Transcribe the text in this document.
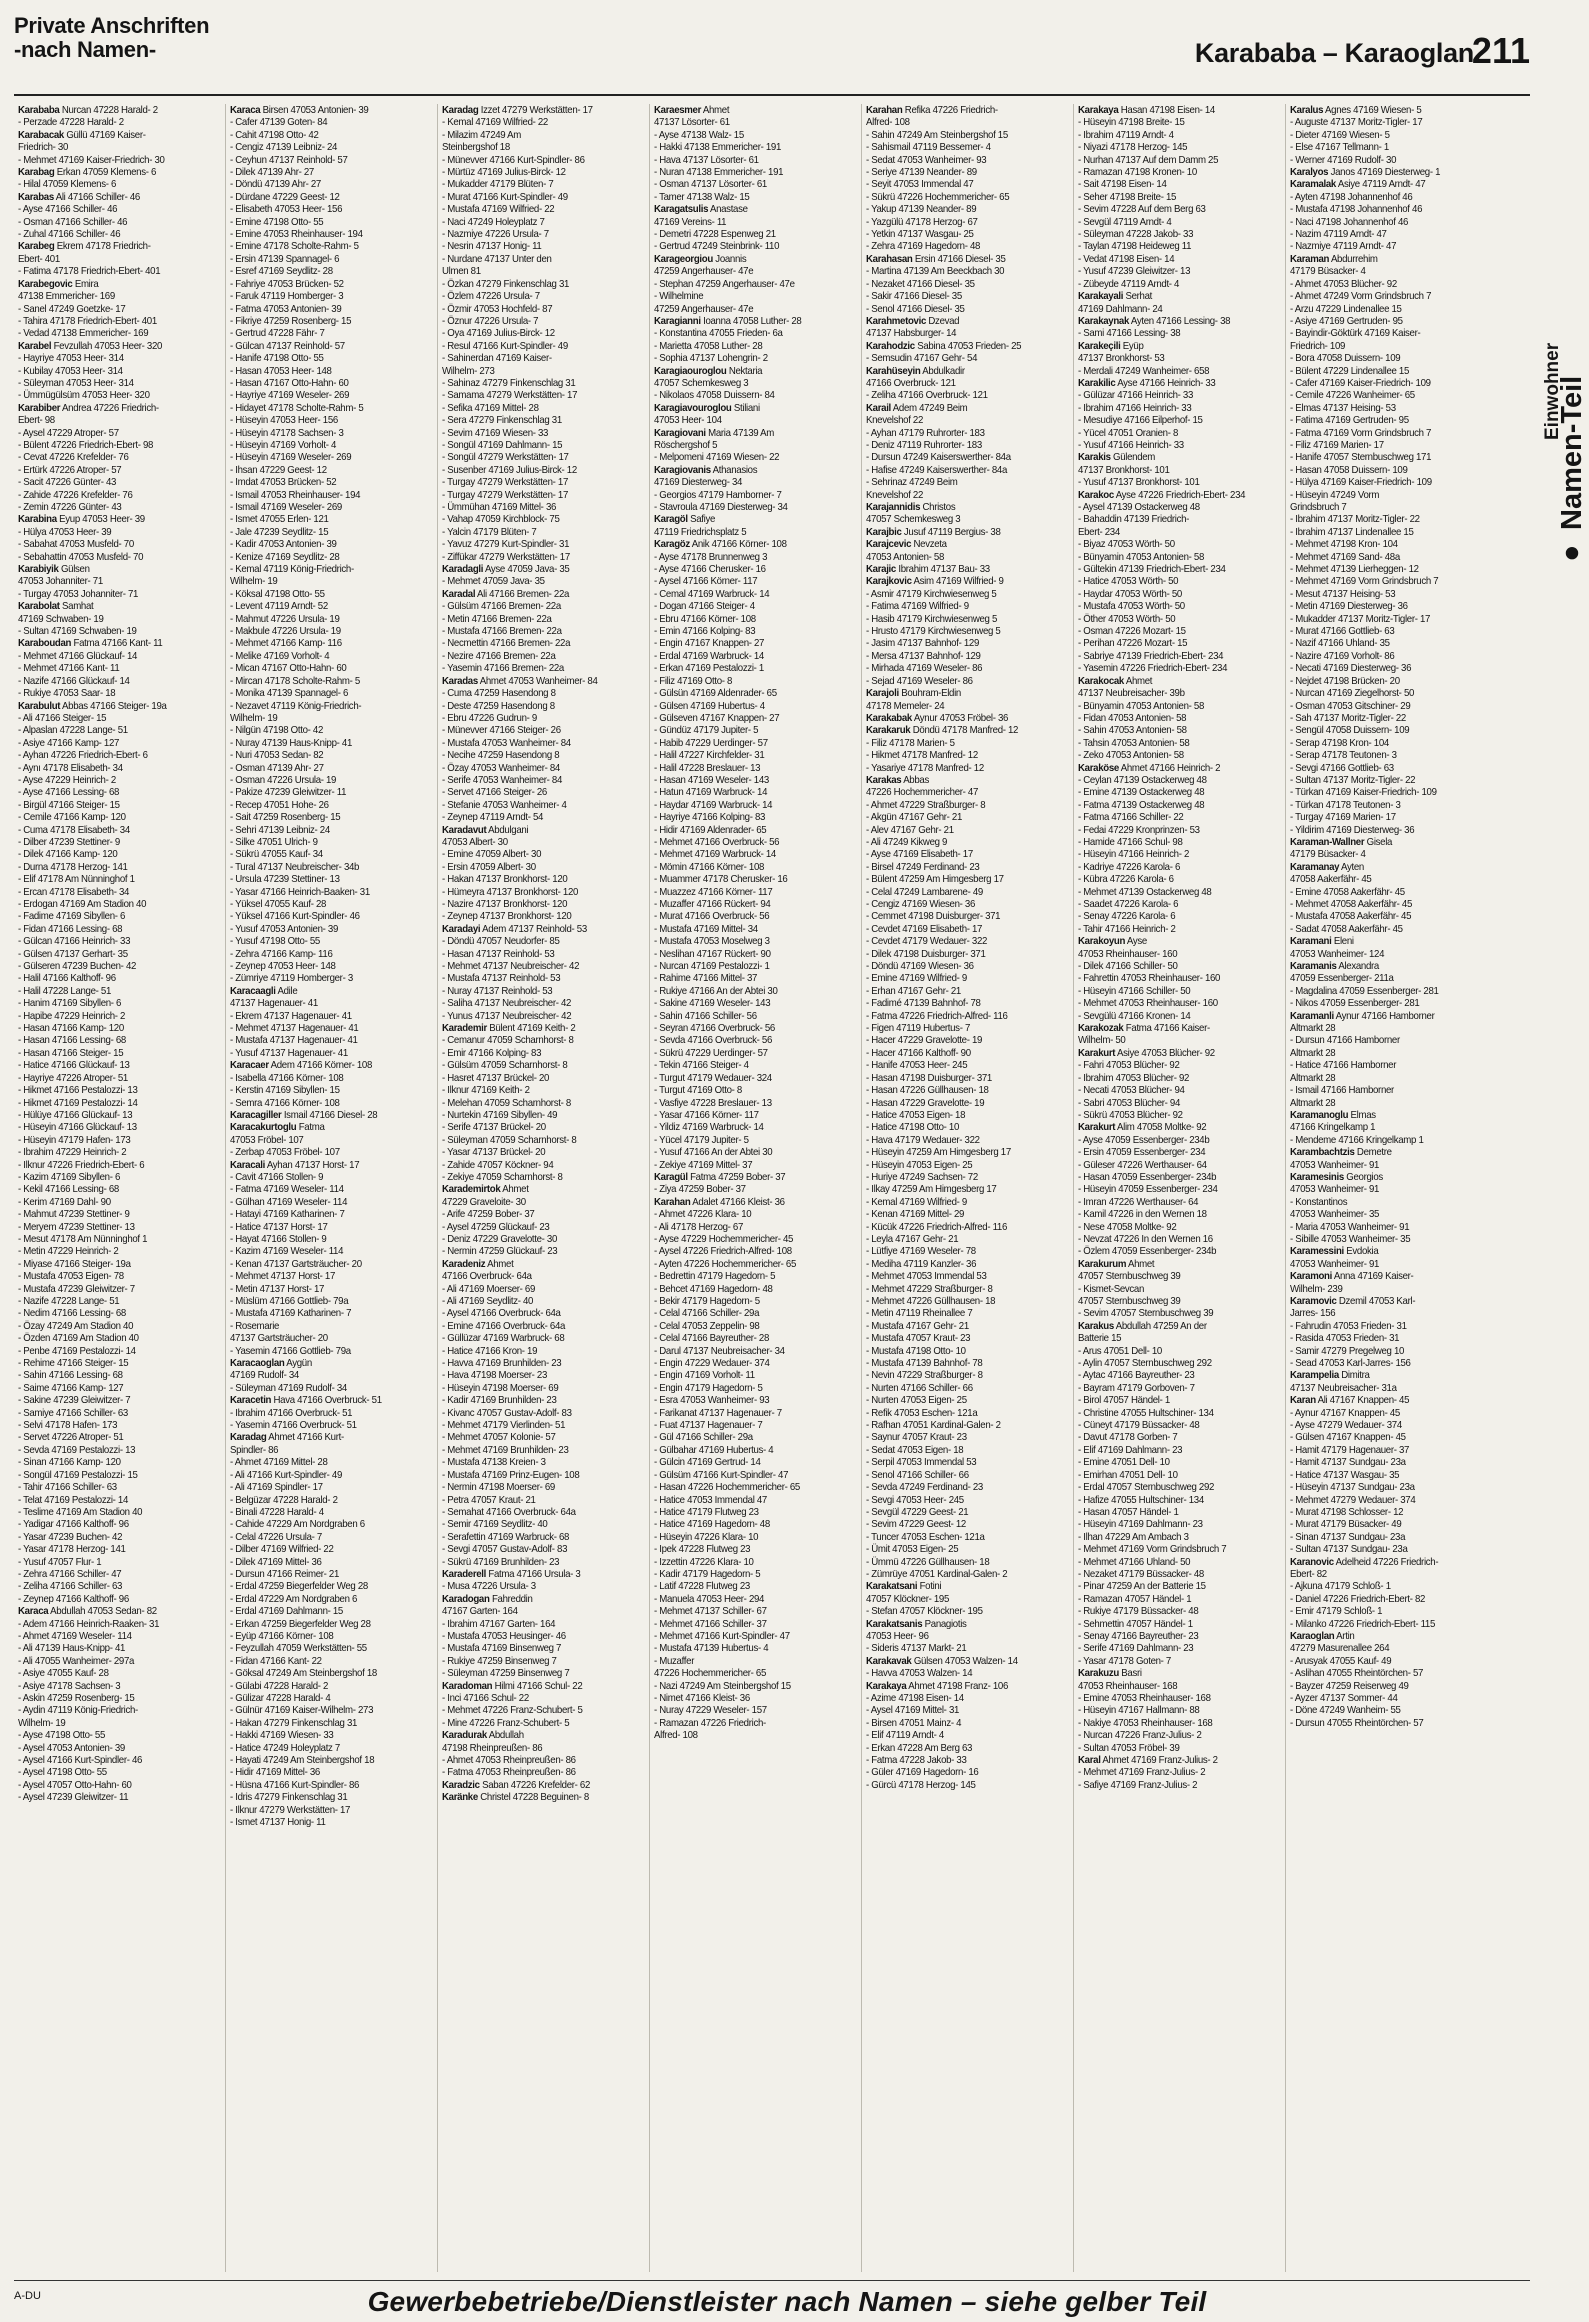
Private Anschriften
-nach Namen-	Karababa – Karaoglan
211
Einwohner
● Namen-Teil
Karababa Nurcan 47228 Harald- 2
- Perzade 47228 Harald- 2
Karabacak Güllü 47169 Kaiser-
Friedrich- 30
- Mehmet 47169 Kaiser-Friedrich- 30
Karabag Erkan 47059 Klemens- 6
- Hilal 47059 Klemens- 6
Karabas Ali 47166 Schiller- 46
- Ayse 47166 Schiller- 46
- Osman 47166 Schiller- 46
- Zuhal 47166 Schiller- 46
Karabeg Ekrem 47178 Friedrich-
Ebert- 401
- Fatima 47178 Friedrich-Ebert- 401
Karabegovic Emira
47138 Emmericher- 169
- Sanel 47249 Goetzke- 17
- Tahira 47178 Friedrich-Ebert- 401
- Vedad 47138 Emmericher- 169
Karabel Fevzullah 47053 Heer- 320
- Hayriye 47053 Heer- 314
- Kubilay 47053 Heer- 314
- Süleyman 47053 Heer- 314
- Ümmügülsüm 47053 Heer- 320
Karabiber Andrea 47226 Friedrich-
Ebert- 98
- Aysel 47229 Atroper- 57
- Bülent 47226 Friedrich-Ebert- 98
- Cevat 47226 Krefelder- 76
- Ertürk 47226 Atroper- 57
- Sacit 47226 Günter- 43
- Zahide 47226 Krefelder- 76
- Zemin 47226 Günter- 43
Karabina Eyup 47053 Heer- 39
- Hülya 47053 Heer- 39
- Sabahat 47053 Musfeld- 70
- Sebahattin 47053 Musfeld- 70
Karabiyik Gülsen
47053 Johanniter- 71
- Turgay 47053 Johanniter- 71
Karabolat Samhat
47169 Schwaben- 19
- Sultan 47169 Schwaben- 19
Karaboudan Fatma 47166 Kant- 11
- Mehmet 47166 Glückauf- 14
- Mehmet 47166 Kant- 11
- Nazife 47166 Glückauf- 14
- Rukiye 47053 Saar- 18
Karabulut Abbas 47166 Steiger- 19a
- Ali 47166 Steiger- 15
- Alpaslan 47228 Lange- 51
- Asiye 47166 Kamp- 127
- Ayhan 47226 Friedrich-Ebert- 6
- Aynı 47178 Elisabeth- 34
- Ayse 47229 Heinrich- 2
- Ayse 47166 Lessing- 68
- Birgül 47166 Steiger- 15
- Cemile 47166 Kamp- 120
- Cuma 47178 Elisabeth- 34
- Dilber 47239 Stettiner- 9
- Dilek 47166 Kamp- 120
- Durna 47178 Herzog- 141
- Elif 47178 Am Nünninghof 1
- Ercan 47178 Elisabeth- 34
- Erdogan 47169 Am Stadion 40
- Fadime 47169 Sibyllen- 6
- Fidan 47166 Lessing- 68
- Gülcan 47166 Heinrich- 33
- Gülsen 47137 Gerhart- 35
- Gülseren 47239 Buchen- 42
- Halil 47166 Kalthoff- 96
- Halil 47228 Lange- 51
- Hanim 47169 Sibyllen- 6
- Hapibe 47229 Heinrich- 2
- Hasan 47166 Kamp- 120
- Hasan 47166 Lessing- 68
- Hasan 47166 Steiger- 15
- Hatice 47166 Glückauf- 13
- Hayriye 47226 Atroper- 51
- Hikmet 47166 Pestalozzi- 13
- Hikmet 47169 Pestalozzi- 14
- Hülüye 47166 Glückauf- 13
- Hüseyin 47166 Glückauf- 13
- Hüseyin 47179 Hafen- 173
- Ibrahim 47229 Heinrich- 2
- Ilknur 47226 Friedrich-Ebert- 6
- Kazim 47169 Sibyllen- 6
- Kekil 47166 Lessing- 68
- Kerim 47169 Dahl- 90
- Mahmut 47239 Stettiner- 9
- Meryem 47239 Stettiner- 13
- Mesut 47178 Am Nünninghof 1
- Metin 47229 Heinrich- 2
- Miyase 47166 Steiger- 19a
- Mustafa 47053 Eigen- 78
- Mustafa 47239 Gleiwitzer- 7
- Nazife 47228 Lange- 51
- Nedim 47166 Lessing- 68
- Özay 47249 Am Stadion 40
- Özden 47169 Am Stadion 40
- Penbe 47169 Pestalozzi- 14
- Rehime 47166 Steiger- 15
- Sahin 47166 Lessing- 68
- Saime 47166 Kamp- 127
- Sakine 47239 Gleiwitzer- 7
- Samiye 47166 Schiller- 63
- Selvi 47178 Hafen- 173
- Servet 47226 Atroper- 51
- Sevda 47169 Pestalozzi- 13
- Sinan 47166 Kamp- 120
- Songül 47169 Pestalozzi- 15
- Tahir 47166 Schiller- 63
- Telat 47169 Pestalozzi- 14
- Teslime 47169 Am Stadion 40
- Yadigar 47166 Kalthoff- 96
- Yasar 47239 Buchen- 42
- Yasar 47178 Herzog- 141
- Yusuf 47057 Flur- 1
- Zehra 47166 Schiller- 47
- Zeliha 47166 Schiller- 63
- Zeynep 47166 Kalthoff- 96
Karaca Abdullah 47053 Sedan- 82
- Adem 47166 Heinrich-Raaken- 31
- Ahmet 47169 Weseler- 114
- Ali 47139 Haus-Knipp- 41
- Ali 47055 Wanheimer- 297a
- Asiye 47055 Kauf- 28
- Asiye 47178 Sachsen- 3
- Askin 47259 Rosenberg- 15
- Aydin 47119 König-Friedrich-
Wilhelm- 19
- Ayse 47198 Otto- 55
- Aysel 47053 Antonien- 39
- Aysel 47166 Kurt-Spindler- 46
- Aysel 47198 Otto- 55
- Aysel 47057 Otto-Hahn- 60
- Aysel 47239 Gleiwitzer- 11
Karaca Birsen 47053 Antonien- 39
- Cafer 47139 Goten- 84
- Cahit 47198 Otto- 42
- Cengiz 47139 Leibniz- 24
- Ceyhun 47137 Reinhold- 57
- Dilek 47139 Ahr- 27
- Döndü 47139 Ahr- 27
- Dürdane 47229 Geest- 12
- Elisabeth 47053 Heer- 156
- Emine 47198 Otto- 55
- Emine 47053 Rheinhauser- 194
- Emine 47178 Scholte-Rahm- 5
- Ersin 47139 Spannagel- 6
- Esref 47169 Seydlitz- 28
- Fahriye 47053 Brücken- 52
- Faruk 47119 Homberger- 3
- Fatma 47053 Antonien- 39
- Fikriye 47259 Rosenberg- 15
- Gertrud 47228 Fähr- 7
- Gülcan 47137 Reinhold- 57
- Hanife 47198 Otto- 55
- Hasan 47053 Heer- 148
- Hasan 47167 Otto-Hahn- 60
- Hayriye 47169 Weseler- 269
- Hidayet 47178 Scholte-Rahm- 5
- Hüseyin 47053 Heer- 156
- Hüseyin 47178 Sachsen- 3
- Hüseyin 47169 Vorholt- 4
- Hüseyin 47169 Weseler- 269
- Ihsan 47229 Geest- 12
- Imdat 47053 Brücken- 52
- Ismail 47053 Rheinhauser- 194
- Ismail 47169 Weseler- 269
- Ismet 47055 Erlen- 121
- Jale 47239 Seydlitz- 15
- Kadir 47053 Antonien- 39
- Kenize 47169 Seydlitz- 28
- Kemal 47119 König-Friedrich-
Wilhelm- 19
- Köksal 47198 Otto- 55
- Levent 47119 Arndt- 52
- Mahmut 47226 Ursula- 19
- Makbule 47226 Ursula- 19
- Mehmet 47166 Kamp- 116
- Melike 47169 Vorholt- 4
- Mican 47167 Otto-Hahn- 60
- Mircan 47178 Scholte-Rahm- 5
- Monika 47139 Spannagel- 6
- Nezavet 47119 König-Friedrich-
Wilhelm- 19
- Nilgün 47198 Otto- 42
- Nuray 47139 Haus-Knipp- 41
- Nuri 47053 Sedan- 82
- Osman 47139 Ahr- 27
- Osman 47226 Ursula- 19
- Pakize 47239 Gleiwitzer- 11
- Recep 47051 Hohe- 26
- Sait 47259 Rosenberg- 15
- Sehri 47139 Leibniz- 24
- Silke 47051 Ulrich- 9
- Sükrü 47055 Kauf- 34
- Tural 47137 Neubreischer- 34b
- Ursula 47239 Stettiner- 13
- Yasar 47166 Heinrich-Baaken- 31
- Yüksel 47055 Kauf- 28
- Yüksel 47166 Kurt-Spindler- 46
- Yusuf 47053 Antonien- 39
- Yusuf 47198 Otto- 55
- Zehra 47166 Kamp- 116
- Zeynep 47053 Heer- 148
- Zümriye 47119 Homberger- 3
Karacaagli Adile
47137 Hagenauer- 41
- Ekrem 47137 Hagenauer- 41
- Mehmet 47137 Hagenauer- 41
- Mustafa 47137 Hagenauer- 41
- Yusuf 47137 Hagenauer- 41
Karacaer Adem 47166 Körner- 108
- Isabella 47166 Körner- 108
- Kerstin 47169 Sibyllen- 15
- Semra 47166 Körner- 108
Karacagiller Ismail 47166 Diesel- 28
Karacakurtoglu Fatma
47053 Fröbel- 107
- Zerbap 47053 Fröbel- 107
Karacali Ayhan 47137 Horst- 17
- Cavit 47166 Stollen- 9
- Fatma 47169 Weseler- 114
- Gülhan 47169 Weseler- 114
- Hatayi 47169 Katharinen- 7
- Hatice 47137 Horst- 17
- Hayat 47166 Stollen- 9
- Kazim 47169 Weseler- 114
- Kenan 47137 Gartsträucher- 20
- Mehmet 47137 Horst- 17
- Metin 47137 Horst- 17
- Müslüm 47166 Gottlieb- 79a
- Mustafa 47169 Katharinen- 7
- Rosemarie
47137 Gartsträucher- 20
- Yasemin 47166 Gottlieb- 79a
Karacaoglan Aygün
47169 Rudolf- 34
- Süleyman 47169 Rudolf- 34
Karacetin Hava 47166 Overbruck- 51
- Ibrahim 47166 Overbruck- 51
- Yasemin 47166 Overbruck- 51
Karadag Ahmet 47166 Kurt-
Spindler- 86
- Ahmet 47169 Mittel- 28
- Ali 47166 Kurt-Spindler- 49
- Ali 47169 Spindler- 17
- Belgüzar 47228 Harald- 2
- Binali 47228 Harald- 4
- Cahide 47229 Am Nordgraben 6
- Celal 47226 Ursula- 7
- Dilber 47169 Wilfried- 22
- Dilek 47169 Mittel- 36
- Dursun 47166 Reimer- 21
- Erdal 47259 Biegerfelder Weg 28
- Erdal 47229 Am Nordgraben 6
- Erdal 47169 Dahlmann- 15
- Erkan 47259 Biegerfelder Weg 28
- Eyüp 47166 Körner- 108
- Feyzullah 47059 Werkstätten- 55
- Fidan 47166 Kant- 22
- Göksal 47249 Am Steinbergshof 18
- Gülabi 47228 Harald- 2
- Gülizar 47228 Harald- 4
- Gülnür 47169 Kaiser-Wilhelm- 273
- Hakan 47279 Finkenschlag 31
- Hakki 47169 Wiesen- 33
- Hatice 47249 Holeyplatz 7
- Hayati 47249 Am Steinbergshof 18
- Hidir 47169 Mittel- 36
- Hüsna 47166 Kurt-Spindler- 86
- Idris 47279 Finkenschlag 31
- Ilknur 47279 Werkstätten- 17
- Ismet 47137 Honig- 11
Karadag Izzet 47279 Werkstätten- 17
- Kemal 47169 Wilfried- 22
- Milazim 47249 Am
Steinbergshof 18
- Münevver 47166 Kurt-Spindler- 86
- Mürtüz 47169 Julius-Birck- 12
- Mukadder 47179 Blüten- 7
- Murat 47166 Kurt-Spindler- 49
- Mustafa 47169 Wilfried- 22
- Naci 47249 Holeyplatz 7
- Nazmiye 47226 Ursula- 7
- Nesrin 47137 Honig- 11
- Nurdane 47137 Unter den
Ulmen 81
- Özkan 47279 Finkenschlag 31
- Özlem 47226 Ursula- 7
- Özmir 47053 Hochfeld- 87
- Öznur 47226 Ursula- 7
- Oya 47169 Julius-Birck- 12
- Resul 47166 Kurt-Spindler- 49
- Sahinerdan 47169 Kaiser-
Wilhelm- 273
- Sahinaz 47279 Finkenschlag 31
- Samama 47279 Werkstätten- 17
- Sefika 47169 Mittel- 28
- Sera 47279 Finkenschlag 31
- Sevim 47169 Wiesen- 33
- Songül 47169 Dahlmann- 15
- Songül 47279 Werkstätten- 17
- Susenber 47169 Julius-Birck- 12
- Turgay 47279 Werkstätten- 17
- Turgay 47279 Werkstätten- 17
- Ümmühan 47169 Mittel- 36
- Vahap 47059 Kirchblock- 75
- Yalcin 47179 Blüten- 7
- Yavuz 47279 Kurt-Spindler- 31
- Ziffükar 47279 Werkstätten- 17
Karadagli Ayse 47059 Java- 35
- Mehmet 47059 Java- 35
Karadal Ali 47166 Bremen- 22a
- Gülsüm 47166 Bremen- 22a
- Metin 47166 Bremen- 22a
- Mustafa 47166 Bremen- 22a
- Necmettin 47166 Bremen- 22a
- Nezire 47166 Bremen- 22a
- Yasemin 47166 Bremen- 22a
Karadas Ahmet 47053 Wanheimer- 84
- Cuma 47259 Hasendong 8
- Deste 47259 Hasendong 8
- Ebru 47226 Gudrun- 9
- Münevver 47166 Steiger- 26
- Mustafa 47053 Wanheimer- 84
- Necihe 47259 Hasendong 8
- Özay 47053 Wanheimer- 84
- Serife 47053 Wanheimer- 84
- Servet 47166 Steiger- 26
- Stefanie 47053 Wanheimer- 4
- Zeynep 47119 Arndt- 54
Karadavut Abdulgani
47053 Albert- 30
- Emine 47059 Albert- 30
- Ersin 47059 Albert- 30
- Hakan 47137 Bronkhorst- 120
- Hümeyra 47137 Bronkhorst- 120
- Nazire 47137 Bronkhorst- 120
- Zeynep 47137 Bronkhorst- 120
Karadayi Adem 47137 Reinhold- 53
- Döndü 47057 Neudorfer- 85
- Hasan 47137 Reinhold- 53
- Mehmet 47137 Neubreischer- 42
- Mustafa 47137 Reinhold- 53
- Nuray 47137 Reinhold- 53
- Saliha 47137 Neubreischer- 42
- Yunus 47137 Neubreischer- 42
Karademir Bülent 47169 Keith- 2
- Cemanur 47059 Scharnhorst- 8
- Emir 47166 Kolping- 83
- Gülsüm 47059 Scharnhorst- 8
- Hasret 47137 Brückel- 20
- Ilknur 47169 Keith- 2
- Melehan 47059 Scharnhorst- 8
- Nurtekin 47169 Sibyllen- 49
- Serife 47137 Brückel- 20
- Süleyman 47059 Scharnhorst- 8
- Yasar 47137 Brückel- 20
- Zahide 47057 Köckner- 94
- Zekiye 47059 Scharnhorst- 8
Karademirtok Ahmet
47229 Graveloite- 30
- Arife 47259 Bober- 37
- Aysel 47259 Glückauf- 23
- Deniz 47229 Gravelotte- 30
- Nermin 47259 Glückauf- 23
Karadeniz Ahmet
47166 Overbruck- 64a
- Ali 47169 Moerser- 69
- Ali 47169 Seydlitz- 40
- Aysel 47166 Overbruck- 64a
- Emine 47166 Overbruck- 64a
- Güllüzar 47169 Warbruck- 68
- Hatice 47166 Kron- 19
- Havva 47169 Brunhilden- 23
- Hava 47198 Moerser- 23
- Hüseyin 47198 Moerser- 69
- Kadir 47169 Brunhilden- 23
- Kivanc 47057 Gustav-Adolf- 83
- Mehmet 47179 Vierlinden- 51
- Mehmet 47057 Kolonie- 57
- Mehmet 47169 Brunhilden- 23
- Mustafa 47138 Kreien- 3
- Mustafa 47169 Prinz-Eugen- 108
- Nermin 47198 Moerser- 69
- Petra 47057 Kraut- 21
- Semahat 47166 Overbruck- 64a
- Semir 47169 Seydlitz- 40
- Serafettin 47169 Warbruck- 68
- Sevgi 47057 Gustav-Adolf- 83
- Sükrü 47169 Brunhilden- 23
Karaderell Fatma 47166 Ursula- 3
- Musa 47226 Ursula- 3
Karadogan Fahreddin
47167 Garten- 164
- Ibrahim 47167 Garten- 164
- Mustafa 47053 Heusinger- 46
- Mustafa 47169 Binsenweg 7
- Rukiye 47259 Binsenweg 7
- Süleyman 47259 Binsenweg 7
Karadoman Hilmi 47166 Schul- 22
- Inci 47166 Schul- 22
- Mehmet 47226 Franz-Schubert- 5
- Mine 47226 Franz-Schubert- 5
Karadurak Abdullah
47198 Rheinpreußen- 86
- Ahmet 47053 Rheinpreußen- 86
- Fatma 47053 Rheinpreußen- 86
Karadzic Saban 47226 Krefelder- 62
Karänke Christel 47228 Beguinen- 8
Karaesmer Ahmet
47137 Lösorter- 61
- Ayse 47138 Walz- 15
- Hakki 47138 Emmericher- 191
- Hava 47137 Lösorter- 61
- Nuran 47138 Emmericher- 191
- Osman 47137 Lösorter- 61
- Tamer 47138 Walz- 15
Karagatsulis Anastase
47169 Vereins- 11
- Demetri 47228 Espenweg 21
- Gertrud 47249 Steinbrink- 110
Karageorgiou Joannis
47259 Angerhauser- 47e
- Stephan 47259 Angerhauser- 47e
- Wilhelmine
47259 Angerhauser- 47e
Karagianni Ioanna 47058 Luther- 28
- Konstantina 47055 Frieden- 6a
- Marietta 47058 Luther- 28
- Sophia 47137 Lohengrin- 2
Karagiaouroglou Nektaria
47057 Schemkesweg 3
- Nikolaos 47058 Duissern- 84
Karagiavouroglou Stiliani
47053 Heer- 104
Karagiovani Maria 47139 Am
Röschergshof 5
- Melpomeni 47169 Wiesen- 22
Karagiovanis Athanasios
47169 Diesterweg- 34
- Georgios 47179 Hamborner- 7
- Stavroula 47169 Diesterweg- 34
Karagöl Safiye
47119 Friedrichsplatz 5
Karagöz Anik 47166 Körner- 108
- Ayse 47178 Brunnenweg 3
- Ayse 47166 Cherusker- 16
- Aysel 47166 Körner- 117
- Cemal 47169 Warbruck- 14
- Dogan 47166 Steiger- 4
- Ebru 47166 Körner- 108
- Emin 47166 Kolping- 83
- Engin 47167 Knappen- 27
- Erdal 47169 Warbruck- 14
- Erkan 47169 Pestalozzi- 1
- Filiz 47169 Otto- 8
- Gülsün 47169 Aldenrader- 65
- Gülsen 47169 Hubertus- 4
- Gülseven 47167 Knappen- 27
- Gündüz 47179 Jupiter- 5
- Habib 47229 Uerdinger- 57
- Halil 47227 Kirchfelder- 31
- Halil 47228 Breslauer- 13
- Hasan 47169 Weseler- 143
- Hatun 47169 Warbruck- 14
- Haydar 47169 Warbruck- 14
- Hayriye 47166 Kolping- 83
- Hidir 47169 Aldenrader- 65
- Mehmet 47166 Overbruck- 56
- Mehmet 47169 Warbruck- 14
- Mömin 47166 Körner- 108
- Muammer 47178 Cherusker- 16
- Muazzez 47166 Körner- 117
- Muzaffer 47166 Rückert- 94
- Murat 47166 Overbruck- 56
- Mustafa 47169 Mittel- 34
- Mustafa 47053 Moselweg 3
- Neslihan 47167 Rückert- 90
- Nurcan 47169 Pestalozzi- 1
- Rahime 47166 Mittel- 37
- Rukiye 47166 An der Abtei 30
- Sakine 47169 Weseler- 143
- Sahin 47166 Schiller- 56
- Seyran 47166 Overbruck- 56
- Sevda 47166 Overbruck- 56
- Sükrü 47229 Uerdinger- 57
- Tekin 47166 Steiger- 4
- Turgut 47179 Wedauer- 324
- Turgut 47169 Otto- 8
- Vasfiye 47228 Breslauer- 13
- Yasar 47166 Körner- 117
- Yildiz 47169 Warbruck- 14
- Yücel 47179 Jupiter- 5
- Yusuf 47166 An der Abtei 30
- Zekiye 47169 Mittel- 37
Karagül Fatma 47259 Bober- 37
- Ziya 47259 Bober- 37
Karahan Adalet 47166 Kleist- 36
- Ahmet 47226 Klara- 10
- Ali 47178 Herzog- 67
- Ayse 47229 Hochemmericher- 45
- Aysel 47226 Friedrich-Alfred- 108
- Ayten 47226 Hochemmericher- 65
- Bedrettin 47179 Hagedorn- 5
- Behcet 47169 Hagedorn- 48
- Bekir 47179 Hagedorn- 5
- Celal 47166 Schiller- 29a
- Celal 47053 Zeppelin- 98
- Celal 47166 Bayreuther- 28
- Darul 47137 Neubreisacher- 34
- Engin 47229 Wedauer- 374
- Engin 47169 Vorholt- 11
- Engin 47179 Hagedorn- 5
- Esra 47053 Wanheimer- 93
- Farikanat 47137 Hagenauer- 7
- Fuat 47137 Hagenauer- 7
- Gül 47166 Schiller- 29a
- Gülbahar 47169 Hubertus- 4
- Gülcin 47169 Gertrud- 14
- Gülsüm 47166 Kurt-Spindler- 47
- Hasan 47226 Hochemmericher- 65
- Hatice 47053 Immendal 47
- Hatice 47179 Flutweg 23
- Hatice 47169 Hagedorn- 48
- Hüseyin 47226 Klara- 10
- Ipek 47228 Flutweg 23
- Izzettin 47226 Klara- 10
- Kadir 47179 Hagedorn- 5
- Latif 47228 Flutweg 23
- Manuela 47053 Heer- 294
- Mehmet 47137 Schiller- 67
- Mehmet 47166 Schiller- 37
- Mehmet 47166 Kurt-Spindler- 47
- Mustafa 47139 Hubertus- 4
- Muzaffer
47226 Hochemmericher- 65
- Nazi 47249 Am Steinbergshof 15
- Nimet 47166 Kleist- 36
- Nuray 47229 Weseler- 157
- Ramazan 47226 Friedrich-
Alfred- 108
Karahan Refika 47226 Friedrich-
Alfred- 108
- Sahin 47249 Am Steinbergshof 15
- Sahismail 47119 Bessemer- 4
- Sedat 47053 Wanheimer- 93
- Seriye 47139 Neander- 89
- Seyit 47053 Immendal 47
- Sükrü 47226 Hochemmericher- 65
- Yakup 47139 Neander- 89
- Yazgülü 47178 Herzog- 67
- Yetkin 47137 Wasgau- 25
- Zehra 47169 Hagedorn- 48
Karahasan Ersin 47166 Diesel- 35
- Martina 47139 Am Beeckbach 30
- Nezaket 47166 Diesel- 35
- Sakir 47166 Diesel- 35
- Senol 47166 Diesel- 35
Karahmetovic Dzevad
47137 Habsburger- 14
Karahodzic Sabina 47053 Frieden- 25
- Semsudin 47167 Gehr- 54
Karahüseyin Abdulkadir
47166 Overbruck- 121
- Zeliha 47166 Overbruck- 121
Karail Adem 47249 Beim
Knevelshof 22
- Ayhan 47179 Ruhrorter- 183
- Deniz 47119 Ruhrorter- 183
- Dursun 47249 Kaiserswerther- 84a
- Hafise 47249 Kaiserswerther- 84a
- Sehrinaz 47249 Beim
Knevelshof 22
Karajannidis Christos
47057 Schemkesweg 3
Karajbic Jusuf 47119 Bergius- 38
Karajcevic Nevzeta
47053 Antonien- 58
Karajic Ibrahim 47137 Bau- 33
Karajkovic Asim 47169 Wilfried- 9
- Asmir 47179 Kirchwiesenweg 5
- Fatima 47169 Wilfried- 9
- Hasib 47179 Kirchwiesenweg 5
- Hrusto 47179 Kirchwiesenweg 5
- Jasim 47137 Bahnhof- 129
- Mersa 47137 Bahnhof- 129
- Mirhada 47169 Weseler- 86
- Sejad 47169 Weseler- 86
Karajoli Bouhram-Eldin
47178 Memeler- 24
Karakabak Aynur 47053 Fröbel- 36
Karakaruk Döndü 47178 Manfred- 12
- Filiz 47178 Marien- 5
- Hikmet 47178 Manfred- 12
- Yasariye 47178 Manfred- 12
Karakas Abbas
47226 Hochemmericher- 47
- Ahmet 47229 Straßburger- 8
- Akgün 47167 Gehr- 21
- Alev 47167 Gehr- 21
- Ali 47249 Kikweg 9
- Ayse 47169 Elisabeth- 17
- Birsel 47249 Ferdinand- 23
- Bülent 47259 Am Himgesberg 17
- Celal 47249 Lambarene- 49
- Cengiz 47169 Wiesen- 36
- Cemmet 47198 Duisburger- 371
- Cevdet 47169 Elisabeth- 17
- Cevdet 47179 Wedauer- 322
- Dilek 47198 Duisburger- 371
- Döndü 47169 Wiesen- 36
- Emine 47169 Wilfried- 9
- Erhan 47167 Gehr- 21
- Fadimé 47139 Bahnhof- 78
- Fatma 47226 Friedrich-Alfred- 116
- Figen 47119 Hubertus- 7
- Hacer 47229 Gravelotte- 19
- Hacer 47166 Kalthoff- 90
- Hanife 47053 Heer- 245
- Hasan 47198 Duisburger- 371
- Hasan 47226 Güllhausen- 18
- Hasan 47229 Gravelotte- 19
- Hatice 47053 Eigen- 18
- Hatice 47198 Otto- 10
- Hava 47179 Wedauer- 322
- Hüseyin 47259 Am Himgesberg 17
- Hüseyin 47053 Eigen- 25
- Huriye 47249 Sachsen- 72
- Ilkay 47259 Am Himgesberg 17
- Kemal 47169 Wilfried- 9
- Kenan 47169 Mittel- 29
- Kücük 47226 Friedrich-Alfred- 116
- Leyla 47167 Gehr- 21
- Lütfiye 47169 Weseler- 78
- Mediha 47119 Kanzler- 36
- Mehmet 47053 Immendal 53
- Mehmet 47229 Straßburger- 8
- Mehmet 47226 Güllhausen- 18
- Metin 47119 Rheinallee 7
- Mustafa 47167 Gehr- 21
- Mustafa 47057 Kraut- 23
- Mustafa 47198 Otto- 10
- Mustafa 47139 Bahnhof- 78
- Nevin 47229 Straßburger- 8
- Nurten 47166 Schiller- 66
- Nurten 47053 Eigen- 25
- Refik 47053 Eschen- 121a
- Rafhan 47051 Kardinal-Galen- 2
- Saynur 47057 Kraut- 23
- Sedat 47053 Eigen- 18
- Serpil 47053 Immendal 53
- Senol 47166 Schiller- 66
- Sevda 47249 Ferdinand- 23
- Sevgi 47053 Heer- 245
- Sevgül 47229 Geest- 21
- Sevim 47229 Geest- 12
- Tuncer 47053 Eschen- 121a
- Ümit 47053 Eigen- 25
- Ümmü 47226 Güllhausen- 18
- Zümrüye 47051 Kardinal-Galen- 2
Karakatsani Fotini
47057 Klöckner- 195
- Stefan 47057 Klöckner- 195
Karakatsanis Panagiotis
47053 Heer- 96
- Sideris 47137 Markt- 21
Karakavak Gülsen 47053 Walzen- 14
- Havva 47053 Walzen- 14
Karakaya Ahmet 47198 Franz- 106
- Azime 47198 Eisen- 14
- Aysel 47169 Mittel- 31
- Birsen 47051 Mainz- 4
- Elif 47119 Arndt- 4
- Erkan 47228 Am Berg 63
- Fatma 47228 Jakob- 33
- Güler 47169 Hagedorn- 16
- Gürcü 47178 Herzog- 145
Karakaya Hasan 47198 Eisen- 14
- Hüseyin 47198 Breite- 15
- Ibrahim 47119 Arndt- 4
- Niyazi 47178 Herzog- 145
- Nurhan 47137 Auf dem Damm 25
- Ramazan 47198 Kronen- 10
- Sait 47198 Eisen- 14
- Seher 47198 Breite- 15
- Sevim 47228 Auf dem Berg 63
- Sevgül 47119 Arndt- 4
- Süleyman 47228 Jakob- 33
- Taylan 47198 Heideweg 11
- Vedat 47198 Eisen- 14
- Yusuf 47239 Gleiwitzer- 13
- Zübeyde 47119 Arndt- 4
Karakayali Serhat
47169 Dahlmann- 24
Karakaynak Ayten 47166 Lessing- 38
- Sami 47166 Lessing- 38
Karakeçili Eyüp
47137 Bronkhorst- 53
- Merdali 47249 Wanheimer- 658
Karakilic Ayse 47166 Heinrich- 33
- Gülüzar 47166 Heinrich- 33
- Ibrahim 47166 Heinrich- 33
- Mesudiye 47166 Eilperhof- 15
- Yücel 47051 Oranien- 8
- Yusuf 47166 Heinrich- 33
Karakis Gülendem
47137 Bronkhorst- 101
- Yusuf 47137 Bronkhorst- 101
Karakoc Ayse 47226 Friedrich-Ebert- 234
- Aysel 47139 Ostackerweg 48
- Bahaddin 47139 Friedrich-
Ebert- 234
- Biyaz 47053 Wörth- 50
- Bünyamin 47053 Antonien- 58
- Gültekin 47139 Friedrich-Ebert- 234
- Hatice 47053 Wörth- 50
- Haydar 47053 Wörth- 50
- Mustafa 47053 Wörth- 50
- Öther 47053 Wörth- 50
- Osman 47226 Mozart- 15
- Perihan 47226 Mozart- 15
- Sabriye 47139 Friedrich-Ebert- 234
- Yasemin 47226 Friedrich-Ebert- 234
Karakocak Ahmet
47137 Neubreisacher- 39b
- Bünyamin 47053 Antonien- 58
- Fidan 47053 Antonien- 58
- Sahin 47053 Antonien- 58
- Tahsin 47053 Antonien- 58
- Zeko 47053 Antonien- 58
Karaköse Ahmet 47166 Heinrich- 2
- Ceylan 47139 Ostackerweg 48
- Emine 47139 Ostackerweg 48
- Fatma 47139 Ostackerweg 48
- Fatma 47166 Schiller- 22
- Fedai 47229 Kronprinzen- 53
- Hamide 47166 Schul- 98
- Hüseyin 47166 Heinrich- 2
- Kadriye 47226 Karola- 6
- Kübra 47226 Karola- 6
- Mehmet 47139 Ostackerweg 48
- Saadet 47226 Karola- 6
- Senay 47226 Karola- 6
- Tahir 47166 Heinrich- 2
Karakoyun Ayse
47053 Rheinhauser- 160
- Dilek 47166 Schiller- 50
- Fahrettin 47053 Rheinhauser- 160
- Hüseyin 47166 Schiller- 50
- Mehmet 47053 Rheinhauser- 160
- Sevgülü 47166 Kronen- 14
Karakozak Fatma 47166 Kaiser-
Wilhelm- 50
Karakurt Asiye 47053 Blücher- 92
- Fahri 47053 Blücher- 92
- Ibrahim 47053 Blücher- 92
- Necati 47053 Blücher- 94
- Sabri 47053 Blücher- 94
- Sükrü 47053 Blücher- 92
Karakurt Alim 47058 Moltke- 92
- Ayse 47059 Essenberger- 234b
- Ersin 47059 Essenberger- 234
- Güleser 47226 Werthauser- 64
- Hasan 47059 Essenberger- 234b
- Hüseyin 47059 Essenberger- 234
- Imran 47226 Werthauser- 64
- Kamil 47226 in den Wernen 18
- Nese 47058 Moltke- 92
- Nevzat 47226 In den Wernen 16
- Özlem 47059 Essenberger- 234b
Karakurum Ahmet
47057 Sternbuschweg 39
- Kismet-Sevcan
47057 Sternbuschweg 39
- Sevim 47057 Sternbuschweg 39
Karakus Abdullah 47259 An der
Batterie 15
- Arus 47051 Dell- 10
- Aylin 47057 Sternbuschweg 292
- Aytac 47166 Bayreuther- 23
- Bayram 47179 Gorboven- 7
- Birol 47057 Händel- 1
- Christine 47055 Hultschiner- 134
- Cüneyt 47179 Büssacker- 48
- Davut 47178 Gorben- 7
- Elif 47169 Dahlmann- 23
- Emine 47051 Dell- 10
- Emirhan 47051 Dell- 10
- Erdal 47057 Sternbuschweg 292
- Hafize 47055 Hultschiner- 134
- Hasan 47057 Händel- 1
- Hüseyin 47169 Dahlmann- 23
- Ilhan 47229 Am Ambach 3
- Mehmet 47169 Vorm Grindsbruch 7
- Mehmet 47166 Uhland- 50
- Nezaket 47179 Büssacker- 48
- Pinar 47259 An der Batterie 15
- Ramazan 47057 Händel- 1
- Rukiye 47179 Büssacker- 48
- Sehmettin 47057 Händel- 1
- Senay 47166 Bayreuther- 23
- Serife 47169 Dahlmann- 23
- Yasar 47178 Goten- 7
Karakuzu Basri
47053 Rheinhauser- 168
- Emine 47053 Rheinhauser- 168
- Hüseyin 47167 Hallmann- 88
- Nakiye 47053 Rheinhauser- 168
- Nurcan 47226 Franz-Julius- 2
- Sultan 47053 Fröbel- 39
Karal Ahmet 47169 Franz-Julius- 2
- Mehmet 47169 Franz-Julius- 2
- Safiye 47169 Franz-Julius- 2
Karalus Agnes 47169 Wiesen- 5
- Auguste 47137 Moritz-Tigler- 17
- Dieter 47169 Wiesen- 5
- Else 47167 Tellmann- 1
- Werner 47169 Rudolf- 30
Karalyos Janos 47169 Diesterweg- 1
Karamalak Asiye 47119 Arndt- 47
- Ayten 47198 Johannenhof 46
- Mustafa 47198 Johannenhof 46
- Naci 47198 Johannenhof 46
- Nazim 47119 Arndt- 47
- Nazmiye 47119 Arndt- 47
Karaman Abdurrehim
47179 Büsacker- 4
- Ahmet 47053 Blücher- 92
- Ahmet 47249 Vorm Grindsbruch 7
- Arzu 47229 Lindenallee 15
- Asiye 47169 Gertruden- 95
- Bayindir-Göktürk 47169 Kaiser-
Friedrich- 109
- Bora 47058 Duissern- 109
- Bülent 47229 Lindenallee 15
- Cafer 47169 Kaiser-Friedrich- 109
- Cemile 47226 Wanheimer- 65
- Elmas 47137 Heising- 53
- Fatima 47169 Gertruden- 95
- Fatma 47169 Vorm Grindsbruch 7
- Filiz 47169 Marien- 17
- Hanife 47057 Sternbuschweg 171
- Hasan 47058 Duissern- 109
- Hülya 47169 Kaiser-Friedrich- 109
- Hüseyin 47249 Vorm
Grindsbruch 7
- Ibrahim 47137 Moritz-Tigler- 22
- Ibrahim 47137 Lindenallee 15
- Mehmet 47198 Kron- 104
- Mehmet 47169 Sand- 48a
- Mehmet 47139 Lierheggen- 12
- Mehmet 47169 Vorm Grindsbruch 7
- Mesut 47137 Heising- 53
- Metin 47169 Diesterweg- 36
- Mukadder 47137 Moritz-Tigler- 17
- Murat 47166 Gottlieb- 63
- Nazif 47166 Uhland- 35
- Nazire 47169 Vorholt- 86
- Necati 47169 Diesterweg- 36
- Nejdet 47198 Brücken- 20
- Nurcan 47169 Ziegelhorst- 50
- Osman 47053 Gitschiner- 29
- Sah 47137 Moritz-Tigler- 22
- Sengül 47058 Duissern- 109
- Serap 47198 Kron- 104
- Serap 47178 Teutonen- 3
- Sevgi 47166 Gottlieb- 63
- Sultan 47137 Moritz-Tigler- 22
- Türkan 47169 Kaiser-Friedrich- 109
- Türkan 47178 Teutonen- 3
- Turgay 47169 Marien- 17
- Yildirim 47169 Diesterweg- 36
Karaman-Wallner Gisela
47179 Büsacker- 4
Karamanay Ayten
47058 Aakerfähr- 45
- Emine 47058 Aakerfähr- 45
- Mehmet 47058 Aakerfähr- 45
- Mustafa 47058 Aakerfähr- 45
- Sadat 47058 Aakerfähr- 45
Karamani Eleni
47053 Wanheimer- 124
Karamanis Alexandra
47059 Essenberger- 211a
- Magdalina 47059 Essenberger- 281
- Nikos 47059 Essenberger- 281
Karamanli Aynur 47166 Hamborner
Altmarkt 28
- Dursun 47166 Hamborner
Altmarkt 28
- Hatice 47166 Hamborner
Altmarkt 28
- Ismail 47166 Hamborner
Altmarkt 28
Karamanoglu Elmas
47166 Kringelkamp 1
- Mendeme 47166 Kringelkamp 1
Karambachtzis Demetre
47053 Wanheimer- 91
Karamesinis Georgios
47053 Wanheimer- 91
- Konstantinos
47053 Wanheimer- 35
- Maria 47053 Wanheimer- 91
- Sibille 47053 Wanheimer- 35
Karamessini Evdokia
47053 Wanheimer- 91
Karamoni Anna 47169 Kaiser-
Wilhelm- 239
Karamovic Dzemil 47053 Karl-
Jarres- 156
- Fahrudin 47053 Frieden- 31
- Rasida 47053 Frieden- 31
- Samir 47279 Pregelweg 10
- Sead 47053 Karl-Jarres- 156
Karampelia Dimitra
47137 Neubreisacher- 31a
Karan Ali 47167 Knappen- 45
- Aynur 47167 Knappen- 45
- Ayse 47279 Wedauer- 374
- Gülsen 47167 Knappen- 45
- Hamit 47179 Hagenauer- 37
- Hamit 47137 Sundgau- 23a
- Hatice 47137 Wasgau- 35
- Hüseyin 47137 Sundgau- 23a
- Mehmet 47279 Wedauer- 374
- Murat 47198 Schlosser- 12
- Murat 47179 Büsacker- 49
- Sinan 47137 Sundgau- 23a
- Sultan 47137 Sundgau- 23a
Karanovic Adelheid 47226 Friedrich-
Ebert- 82
- Ajkuna 47179 Schloß- 1
- Daniel 47226 Friedrich-Ebert- 82
- Emir 47179 Schloß- 1
- Milanko 47226 Friedrich-Ebert- 115
Karaoglan Artin
47279 Masurenallee 264
- Arusyak 47055 Kauf- 49
- Aslihan 47055 Rheintörchen- 57
- Bayzer 47259 Reiserweg 49
- Ayzer 47137 Sommer- 44
- Döne 47249 Wanheim- 55
- Dursun 47055 Rheintörchen- 57
A-DU	Gewerbebetriebe/Dienstleister nach Namen – siehe gelber Teil
